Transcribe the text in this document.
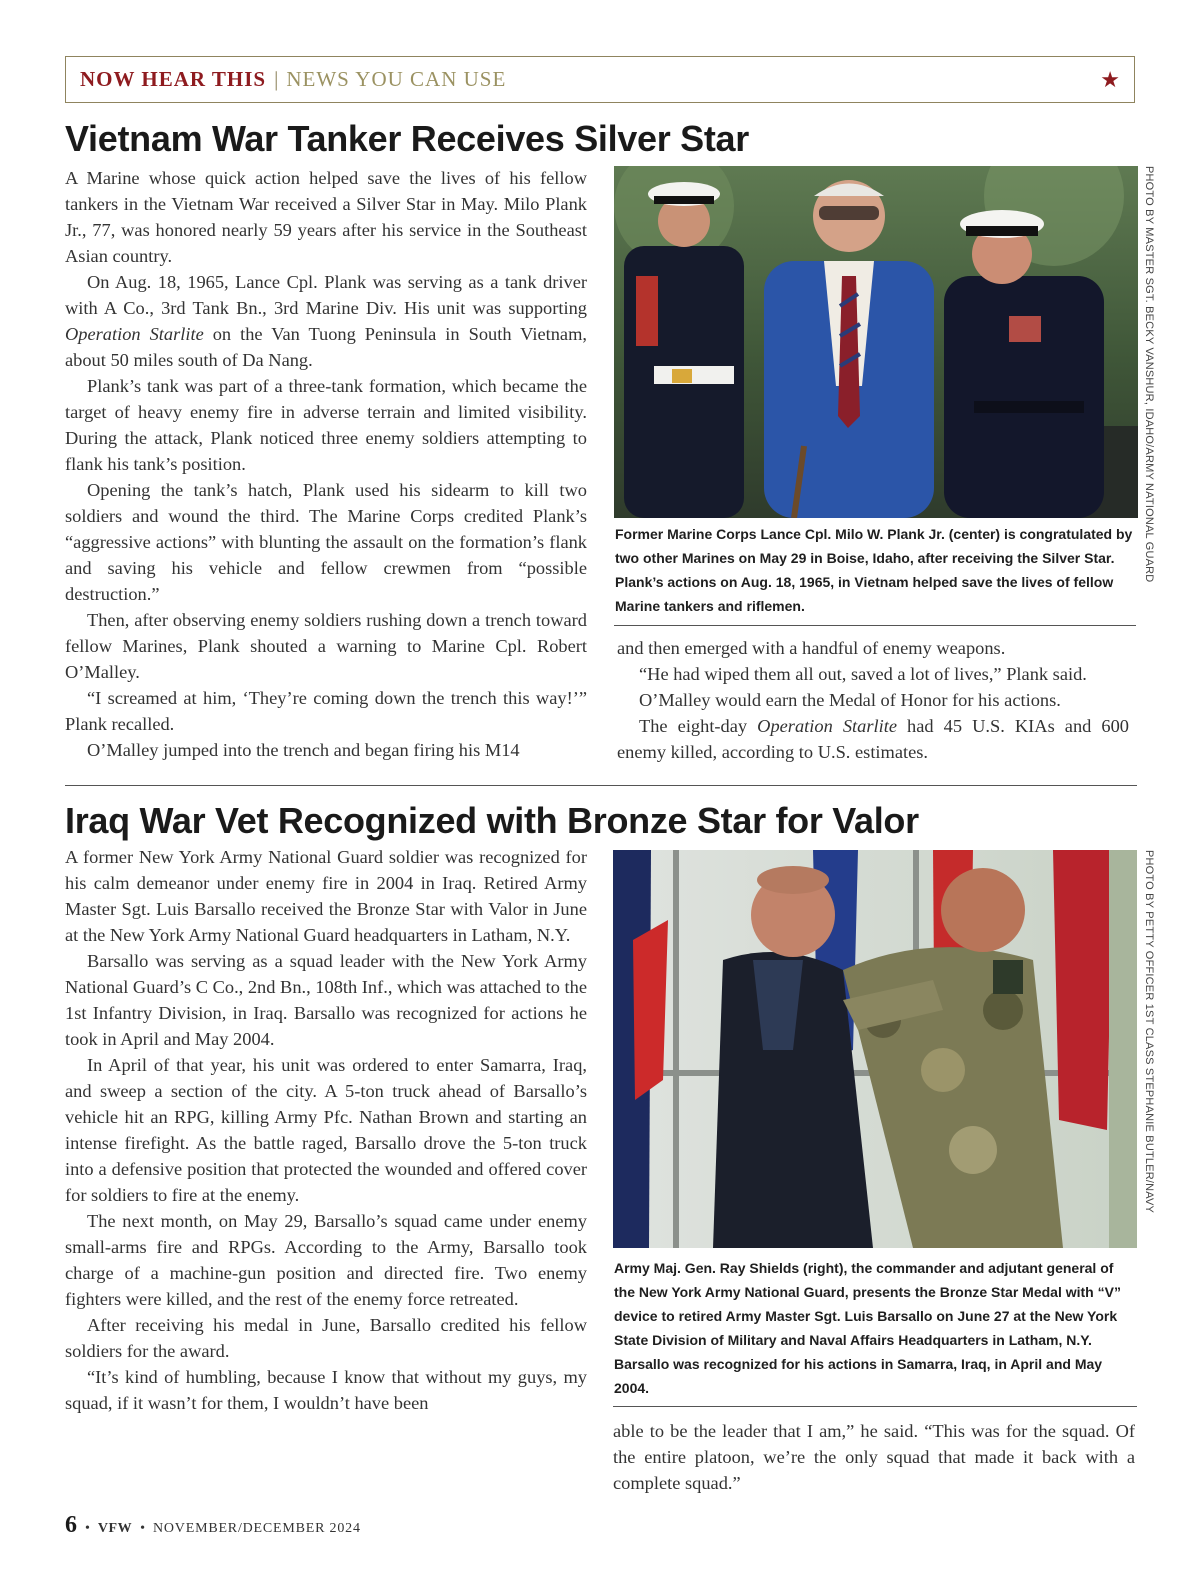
NOW HEAR THIS | NEWS YOU CAN USE	★
Vietnam War Tanker Receives Silver Star

A Marine whose quick action helped save the lives of his fellow tankers in the Vietnam War received a Silver Star in May. Milo Plank Jr., 77, was honored nearly 59 years after his service in the Southeast Asian country.

On Aug. 18, 1965, Lance Cpl. Plank was serving as a tank driver with A Co., 3rd Tank Bn., 3rd Marine Div. His unit was supporting Operation Starlite on the Van Tuong Peninsula in South Vietnam, about 50 miles south of Da Nang.

Plank’s tank was part of a three-tank formation, which became the target of heavy enemy fire in adverse terrain and limited visibility. During the attack, Plank noticed three enemy soldiers attempting to flank his tank’s position.

Opening the tank’s hatch, Plank used his sidearm to kill two soldiers and wound the third. The Marine Corps credited Plank’s “aggressive actions” with blunting the assault on the formation’s flank and saving his vehicle and fellow crewmen from “possible destruction.”

Then, after observing enemy soldiers rushing down a trench toward fellow Marines, Plank shouted a warning to Marine Cpl. Robert O’Malley.

“I screamed at him, ‘They’re coming down the trench this way!’” Plank recalled.

O’Malley jumped into the trench and began firing his M14

Former Marine Corps Lance Cpl. Milo W. Plank Jr. (center) is congratulated by two other Marines on May 29 in Boise, Idaho, after receiving the Silver Star. Plank’s actions on Aug. 18, 1965, in Vietnam helped save the lives of fellow Marine tankers and riflemen.
PHOTO BY MASTER SGT. BECKY VANSHUR, IDAHO/ARMY NATIONAL GUARD

and then emerged with a handful of enemy weapons.

“He had wiped them all out, saved a lot of lives,” Plank said.

O’Malley would earn the Medal of Honor for his actions.

The eight-day Operation Starlite had 45 U.S. KIAs and 600 enemy killed, according to U.S. estimates.

Iraq War Vet Recognized with Bronze Star for Valor

A former New York Army National Guard soldier was recognized for his calm demeanor under enemy fire in 2004 in Iraq. Retired Army Master Sgt. Luis Barsallo received the Bronze Star with Valor in June at the New York Army National Guard headquarters in Latham, N.Y.

Barsallo was serving as a squad leader with the New York Army National Guard’s C Co., 2nd Bn., 108th Inf., which was attached to the 1st Infantry Division, in Iraq. Barsallo was recognized for actions he took in April and May 2004.

In April of that year, his unit was ordered to enter Samarra, Iraq, and sweep a section of the city. A 5-ton truck ahead of Barsallo’s vehicle hit an RPG, killing Army Pfc. Nathan Brown and starting an intense firefight. As the battle raged, Barsallo drove the 5-ton truck into a defensive position that protected the wounded and offered cover for soldiers to fire at the enemy.

The next month, on May 29, Barsallo’s squad came under enemy small-arms fire and RPGs. According to the Army, Barsallo took charge of a machine-gun position and directed fire. Two enemy fighters were killed, and the rest of the enemy force retreated.

After receiving his medal in June, Barsallo credited his fellow soldiers for the award.

“It’s kind of humbling, because I know that without my guys, my squad, if it wasn’t for them, I wouldn’t have been

Army Maj. Gen. Ray Shields (right), the commander and adjutant general of the New York Army National Guard, presents the Bronze Star Medal with “V” device to retired Army Master Sgt. Luis Barsallo on June 27 at the New York State Division of Military and Naval Affairs Headquarters in Latham, N.Y. Barsallo was recognized for his actions in Samarra, Iraq, in April and May 2004.
PHOTO BY PETTY OFFICER 1ST CLASS STEPHANIE BUTLER/NAVY

able to be the leader that I am,” he said. “This was for the squad. Of the entire platoon, we’re the only squad that made it back with a complete squad.”

6 • VFW • NOVEMBER/DECEMBER 2024
